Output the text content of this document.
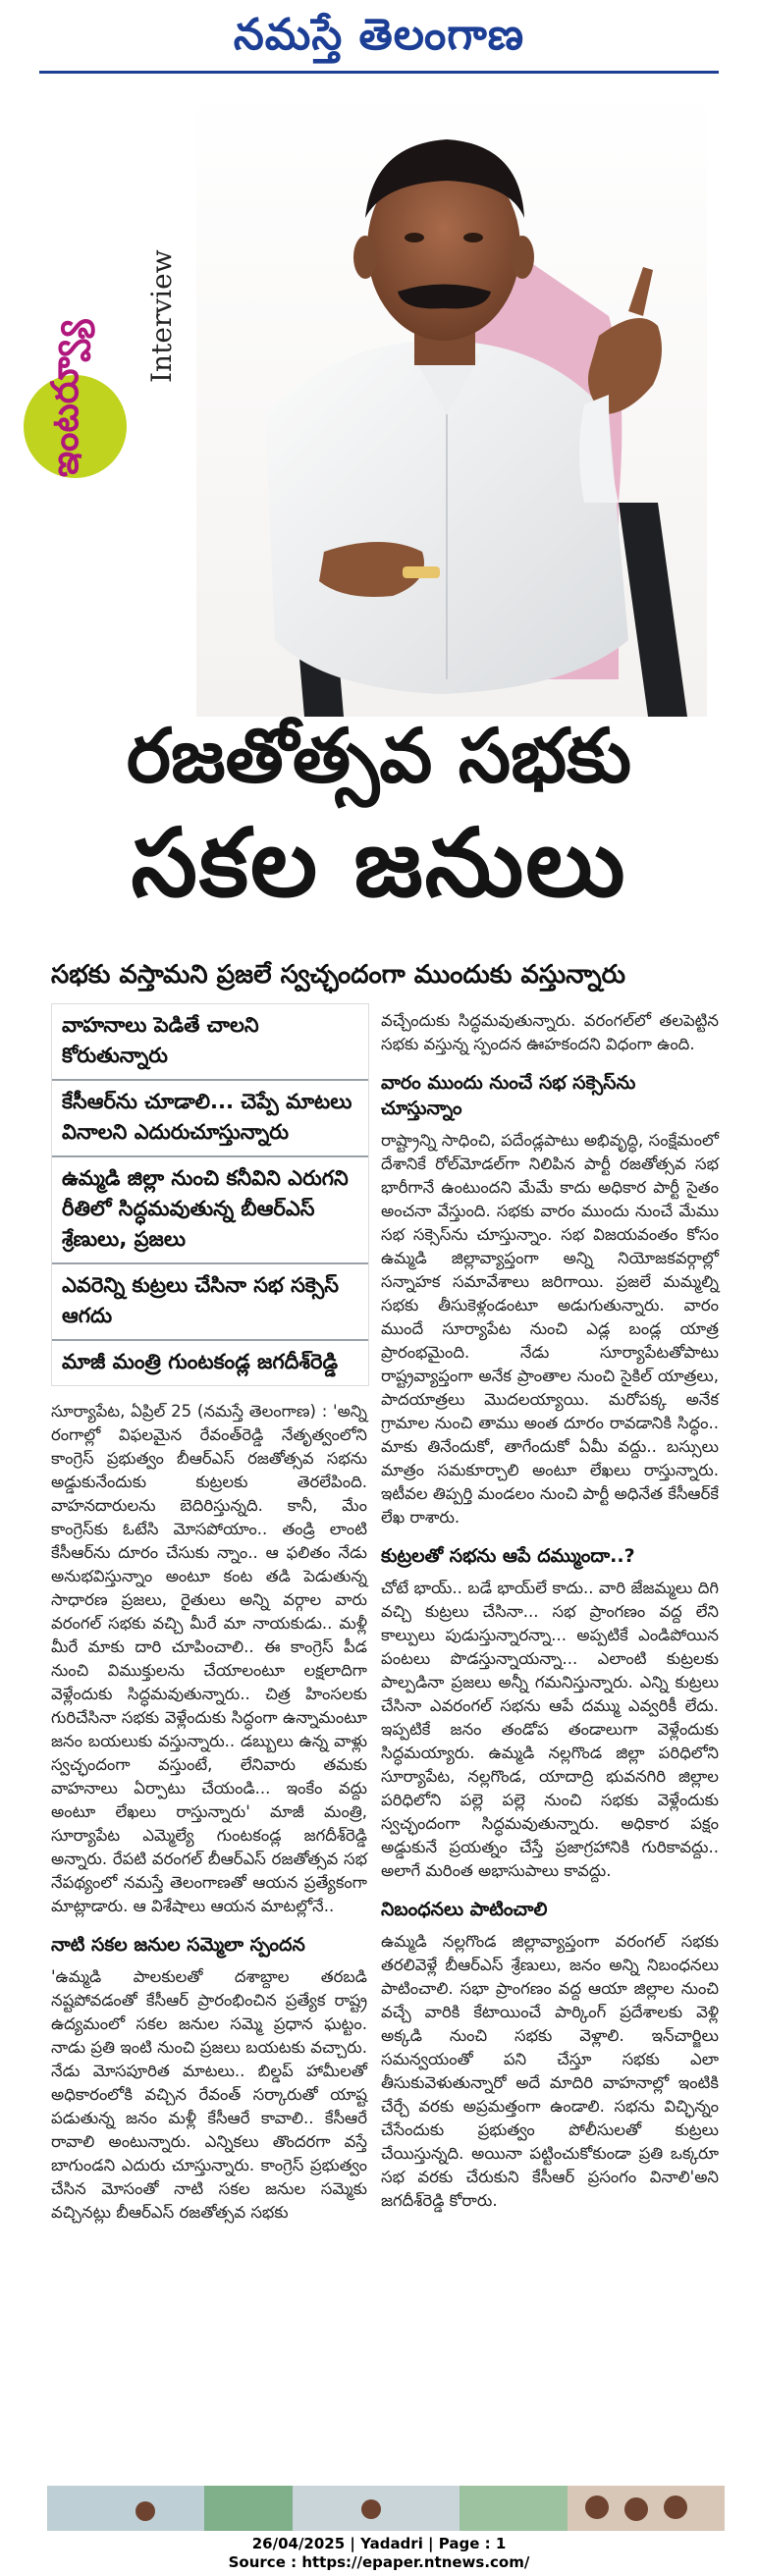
నమస్తే తెలంగాణ
ఇంటర్వ్యూ
Interview
రజతోత్సవ సభకు
సకల జనులు
సభకు వస్తామని ప్రజలే స్వచ్ఛందంగా ముందుకు వస్తున్నారు
వాహనాలు పెడితే చాలని కోరుతున్నారు
కేసీఆర్‌ను చూడాలి... చెప్పే మాటలు వినాలని ఎదురుచూస్తున్నారు
ఉమ్మడి జిల్లా నుంచి కనీవిని ఎరుగని రీతిలో సిద్ధమవుతున్న బీఆర్‌ఎస్ శ్రేణులు, ప్రజలు
ఎవరెన్ని కుట్రలు చేసినా సభ సక్సెస్ ఆగదు
మాజీ మంత్రి గుంటకండ్ల జగదీశ్‌రెడ్డి

సూర్యాపేట, ఏప్రిల్ 25 (నమస్తే తెలంగాణ) : 'అన్ని రంగాల్లో విఫలమైన రేవంత్‌రెడ్డి నేతృత్వంలోని కాంగ్రెస్ ప్రభుత్వం బీఆర్‌ఎస్ రజతోత్సవ సభను అడ్డుకునేందుకు కుట్రలకు తెరలేపింది. వాహనదారులను బెదిరిస్తున్నది. కానీ, మేం కాంగ్రెస్‌కు ఓటేసి మోసపోయాం.. తండ్రి లాంటి కేసీఆర్‌ను దూరం చేసుకు న్నాం.. ఆ ఫలితం నేడు అనుభవిస్తున్నాం అంటూ కంట తడి పెడుతున్న సాధారణ ప్రజలు, రైతులు అన్ని వర్గాల వారు వరంగల్ సభకు వచ్చి మీరే మా నాయకుడు.. మళ్లీ మీరే మాకు దారి చూపించాలి.. ఈ కాంగ్రెస్ పీడ నుంచి విముక్తులను చేయాలంటూ లక్షలాదిగా వెళ్లేందుకు సిద్ధమవుతున్నారు.. చిత్ర హింసలకు గురిచేసినా సభకు వెళ్లేందుకు సిద్ధంగా ఉన్నామంటూ జనం బయలుకు వస్తున్నారు.. డబ్బులు ఉన్న వాళ్లు స్వచ్ఛందంగా వస్తుంటే, లేనివారు తమకు వాహనాలు ఏర్పాటు చేయండి... ఇంకేం వద్దు అంటూ లేఖలు రాస్తున్నారు' మాజీ మంత్రి, సూర్యాపేట ఎమ్మెల్యే గుంటకండ్ల జగదీశ్‌రెడ్డి అన్నారు. రేపటి వరంగల్ బీఆర్‌ఎస్ రజతోత్సవ సభ నేపథ్యంలో నమస్తే తెలంగాణతో ఆయన ప్రత్యేకంగా మాట్లాడారు. ఆ విశేషాలు ఆయన మాటల్లోనే..

నాటి సకల జనుల సమ్మెలా స్పందన

'ఉమ్మడి పాలకులతో దశాబ్దాల తరబడి నష్టపోవడంతో కేసీఆర్ ప్రారంభించిన ప్రత్యేక రాష్ట్ర ఉద్యమంలో సకల జనుల సమ్మె ప్రధాన ఘట్టం. నాడు ప్రతి ఇంటి నుంచి ప్రజలు బయటకు వచ్చారు. నేడు మోసపూరిత మాటలు.. బిల్డప్ హామీలతో అధికారంలోకి వచ్చిన రేవంత్ సర్కారుతో యాష్ట పడుతున్న జనం మళ్లీ కేసీఆరే కావాలి.. కేసీఆరే రావాలి అంటున్నారు. ఎన్నికలు తొందరగా వస్తే బాగుండని ఎదురు చూస్తున్నారు. కాంగ్రెస్ ప్రభుత్వం చేసిన మోసంతో నాటి సకల జనుల సమ్మెకు వచ్చినట్లు బీఆర్‌ఎస్ రజతోత్సవ సభకు

వచ్చేందుకు సిద్ధమవుతున్నారు. వరంగల్‌లో తలపెట్టిన సభకు వస్తున్న స్పందన ఊహకందని విధంగా ఉంది.

వారం ముందు నుంచే సభ సక్సెస్‌ను చూస్తున్నాం

రాష్ట్రాన్ని సాధించి, పదేండ్లపాటు అభివృద్ధి, సంక్షేమంలో దేశానికే రోల్‌మోడల్‌గా నిలిపిన పార్టీ రజతోత్సవ సభ భారీగానే ఉంటుందని మేమే కాదు అధికార పార్టీ సైతం అంచనా వేస్తుంది. సభకు వారం ముందు నుంచే మేము సభ సక్సెస్‌ను చూస్తున్నాం. సభ విజయవంతం కోసం ఉమ్మడి జిల్లావ్యాప్తంగా అన్ని నియోజకవర్గాల్లో సన్నాహక సమావేశాలు జరిగాయి. ప్రజలే మమ్మల్ని సభకు తీసుకెళ్లండంటూ అడుగుతున్నారు. వారం ముందే సూర్యాపేట నుంచి ఎడ్ల బండ్ల యాత్ర ప్రారంభమైంది. నేడు సూర్యాపేటతోపాటు రాష్ట్రవ్యాప్తంగా అనేక ప్రాంతాల నుంచి సైకిల్ యాత్రలు, పాదయాత్రలు మొదలయ్యాయి. మరోపక్క అనేక గ్రామాల నుంచి తాము అంత దూరం రావడానికి సిద్ధం.. మాకు తినేందుకో, తాగేందుకో ఏమీ వద్దు.. బస్సులు మాత్రం సమకూర్చాలి అంటూ లేఖలు రాస్తున్నారు. ఇటీవల తిప్పర్తి మండలం నుంచి పార్టీ అధినేత కేసీఆర్‌కే లేఖ రాశారు.

కుట్రలతో సభను ఆపే దమ్ముందా..?

చోటే భాయ్.. బడే భాయ్‌లే కాదు.. వారి జేజమ్మలు దిగి వచ్చి కుట్రలు చేసినా... సభ ప్రాంగణం వద్ద లేని కాల్పులు పుడుస్తున్నారన్నా... అప్పటికే ఎండిపోయిన పంటలు పొడస్తున్నాయన్నా... ఎలాంటి కుట్రలకు పాల్పడినా ప్రజలు అన్నీ గమనిస్తున్నారు. ఎన్ని కుట్రలు చేసినా ఎవరంగల్ సభను ఆపే దమ్ము ఎవ్వరికీ లేదు. ఇప్పటికే జనం తండోప తండాలుగా వెళ్లేందుకు సిద్ధమయ్యారు. ఉమ్మడి నల్లగొండ జిల్లా పరిధిలోని సూర్యాపేట, నల్లగొండ, యాదాద్రి భువనగిరి జిల్లాల పరిధిలోని పల్లె పల్లె నుంచి సభకు వెళ్లేందుకు స్వచ్ఛందంగా సిద్ధమవుతున్నారు. అధికార పక్షం అడ్డుకునే ప్రయత్నం చేస్తే ప్రజాగ్రహానికి గురికావద్దు.. అలాగే మరింత అభాసుపాలు కావద్దు.

నిబంధనలు పాటించాలి

ఉమ్మడి నల్లగొండ జిల్లావ్యాప్తంగా వరంగల్ సభకు తరలివెళ్లే బీఆర్‌ఎస్ శ్రేణులు, జనం అన్ని నిబంధనలు పాటించాలి. సభా ప్రాంగణం వద్ద ఆయా జిల్లాల నుంచి వచ్చే వారికి కేటాయించే పార్కింగ్ ప్రదేశాలకు వెళ్లి అక్కడి నుంచి సభకు వెళ్లాలి. ఇన్‌చార్జిలు సమన్వయంతో పని చేస్తూ సభకు ఎలా తీసుకువెళుతున్నారో అదే మాదిరి వాహనాల్లో ఇంటికి చేర్చే వరకు అప్రమత్తంగా ఉండాలి. సభను విచ్ఛిన్నం చేసేందుకు ప్రభుత్వం పోలీసులతో కుట్రలు చేయిస్తున్నది. అయినా పట్టించుకోకుండా ప్రతి ఒక్కరూ సభ వరకు చేరుకుని కేసీఆర్ ప్రసంగం వినాలి'అని జగదీశ్‌రెడ్డి కోరారు.

26/04/2025 | Yadadri | Page : 1
Source : https://epaper.ntnews.com/
